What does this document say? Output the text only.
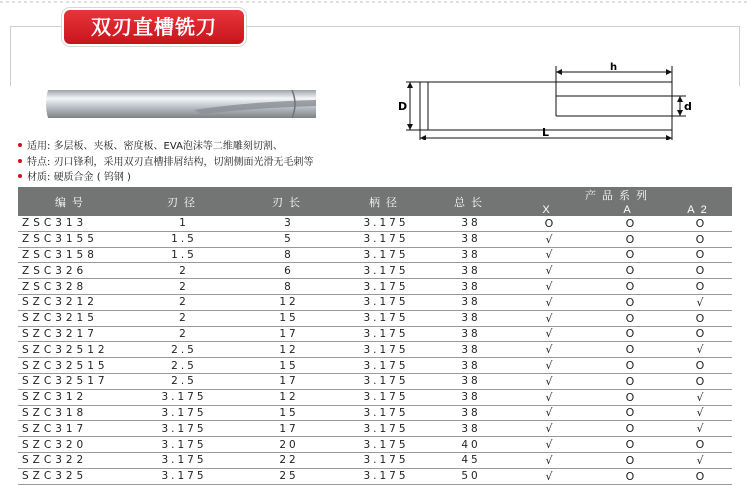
双刃直槽铣刀
D	d
h
L
适用: 多层板、夹板、密度板、EVA泡沫等二维雕刻切割、
特点: 刃口锋利，采用双刃直槽排屑结构，切割侧面光滑无毛刺等
材质: 硬质合金 ( 钨钢 )
编号	刃径	刃长	柄径	总长	产品系列		
					X	A	A2
ZSC313	1	3	3.175	38	O	O	O
ZSC3155	1.5	5	3.175	38	√	O	O
ZSC3158	1.5	8	3.175	38	√	O	O
ZSC326	2	6	3.175	38	√	O	O
ZSC328	2	8	3.175	38	√	O	O
SZC3212	2	12	3.175	38	√	O	√
SZC3215	2	15	3.175	38	√	O	O
SZC3217	2	17	3.175	38	√	O	O
SZC32512	2.5	12	3.175	38	√	O	√
SZC32515	2.5	15	3.175	38	√	O	O
SZC32517	2.5	17	3.175	38	√	O	O
SZC312	3.175	12	3.175	38	√	O	√
SZC318	3.175	15	3.175	38	√	O	√
SZC317	3.175	17	3.175	38	√	O	√
SZC320	3.175	20	3.175	40	√	O	O
SZC322	3.175	22	3.175	45	√	O	√
SZC325	3.175	25	3.175	50	√	O	O
